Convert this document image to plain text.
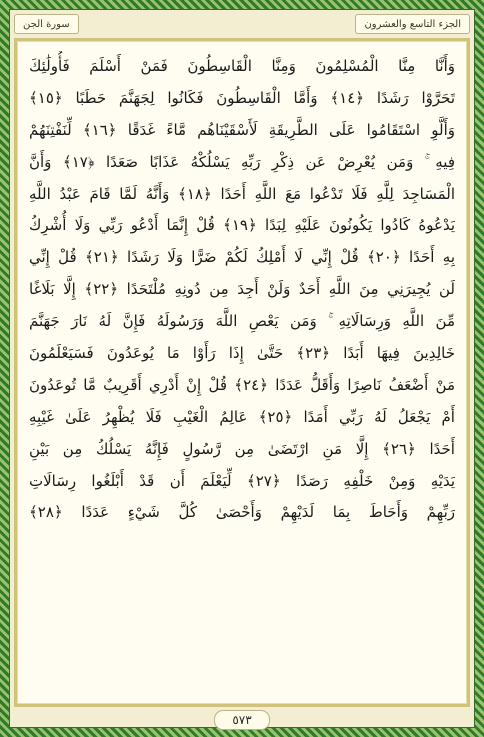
سورة الجن	الجزء التاسع والعشرون
وَأَنَّا مِنَّا الْمُسْلِمُونَ وَمِنَّا الْقَاسِطُونَ فَمَنْ أَسْلَمَ فَأُولَٰئِكَ
تَحَرَّوْا رَشَدًا ﴿١٤﴾ وَأَمَّا الْقَاسِطُونَ فَكَانُوا لِجَهَنَّمَ حَطَبًا ﴿١٥﴾
وَأَلَّوِ اسْتَقَامُوا عَلَى الطَّرِيقَةِ لَأَسْقَيْنَاهُم مَّاءً غَدَقًا ﴿١٦﴾ لِّنَفْتِنَهُمْ
فِيهِ ۚ وَمَن يُعْرِضْ عَن ذِكْرِ رَبِّهِ يَسْلُكْهُ عَذَابًا صَعَدًا ﴿١٧﴾ وَأَنَّ
الْمَسَاجِدَ لِلَّهِ فَلَا تَدْعُوا مَعَ اللَّهِ أَحَدًا ﴿١٨﴾ وَأَنَّهُ لَمَّا قَامَ عَبْدُ اللَّهِ
يَدْعُوهُ كَادُوا يَكُونُونَ عَلَيْهِ لِبَدًا ﴿١٩﴾ قُلْ إِنَّمَا أَدْعُو رَبِّي وَلَا أُشْرِكُ
بِهِ أَحَدًا ﴿٢٠﴾ قُلْ إِنِّي لَا أَمْلِكُ لَكُمْ ضَرًّا وَلَا رَشَدًا ﴿٢١﴾ قُلْ إِنِّي
لَن يُجِيرَنِي مِنَ اللَّهِ أَحَدٌ وَلَنْ أَجِدَ مِن دُونِهِ مُلْتَحَدًا ﴿٢٢﴾ إِلَّا بَلَاغًا
مِّنَ اللَّهِ وَرِسَالَاتِهِ ۚ وَمَن يَعْصِ اللَّهَ وَرَسُولَهُ فَإِنَّ لَهُ نَارَ جَهَنَّمَ
خَالِدِينَ فِيهَا أَبَدًا ﴿٢٣﴾ حَتَّىٰ إِذَا رَأَوْا مَا يُوعَدُونَ فَسَيَعْلَمُونَ
مَنْ أَضْعَفُ نَاصِرًا وَأَقَلُّ عَدَدًا ﴿٢٤﴾ قُلْ إِنْ أَدْرِي أَقَرِيبٌ مَّا تُوعَدُونَ
أَمْ يَجْعَلُ لَهُ رَبِّي أَمَدًا ﴿٢٥﴾ عَالِمُ الْغَيْبِ فَلَا يُظْهِرُ عَلَىٰ غَيْبِهِ
أَحَدًا ﴿٢٦﴾ إِلَّا مَنِ ارْتَضَىٰ مِن رَّسُولٍ فَإِنَّهُ يَسْلُكُ مِن بَيْنِ
يَدَيْهِ وَمِنْ خَلْفِهِ رَصَدًا ﴿٢٧﴾ لِّيَعْلَمَ أَن قَدْ أَبْلَغُوا رِسَالَاتِ
رَبِّهِمْ وَأَحَاطَ بِمَا لَدَيْهِمْ وَأَحْصَىٰ كُلَّ شَيْءٍ عَدَدًا ﴿٢٨﴾
٥٧٣
